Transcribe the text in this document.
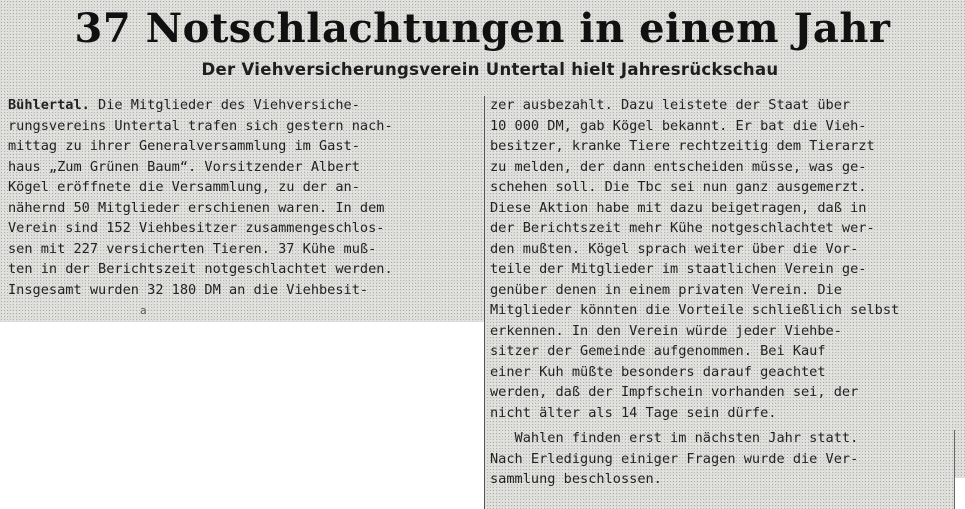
37 Notschlachtungen in einem Jahr
Der Viehversicherungsverein Untertal hielt Jahresrückschau
Bühlertal. Die Mitglieder des Viehversiche-
rungsvereins Untertal trafen sich gestern nach-
mittag zu ihrer Generalversammlung im Gast-
haus „Zum Grünen Baum“. Vorsitzender Albert
Kögel eröffnete die Versammlung, zu der an-
nähernd 50 Mitglieder erschienen waren. In dem
Verein sind 152 Viehbesitzer zusammengeschlos-
sen mit 227 versicherten Tieren. 37 Kühe muß-
ten in der Berichtszeit notgeschlachtet werden.
Insgesamt wurden 32 180 DM an die Viehbesit-
a
zer ausbezahlt. Dazu leistete der Staat über
10 000 DM, gab Kögel bekannt. Er bat die Vieh-
besitzer, kranke Tiere rechtzeitig dem Tierarzt
zu melden, der dann entscheiden müsse, was ge-
schehen soll. Die Tbc sei nun ganz ausgemerzt.
Diese Aktion habe mit dazu beigetragen, daß in
der Berichtszeit mehr Kühe notgeschlachtet wer-
den mußten. Kögel sprach weiter über die Vor-
teile der Mitglieder im staatlichen Verein ge-
genüber denen in einem privaten Verein. Die
Mitglieder könnten die Vorteile schließlich selbst
erkennen. In den Verein würde jeder Viehbe-
sitzer der Gemeinde aufgenommen. Bei Kauf
einer Kuh müßte besonders darauf geachtet
werden, daß der Impfschein vorhanden sei, der
nicht älter als 14 Tage sein dürfe.
Wahlen finden erst im nächsten Jahr statt.
Nach Erledigung einiger Fragen wurde die Ver-
sammlung beschlossen.
